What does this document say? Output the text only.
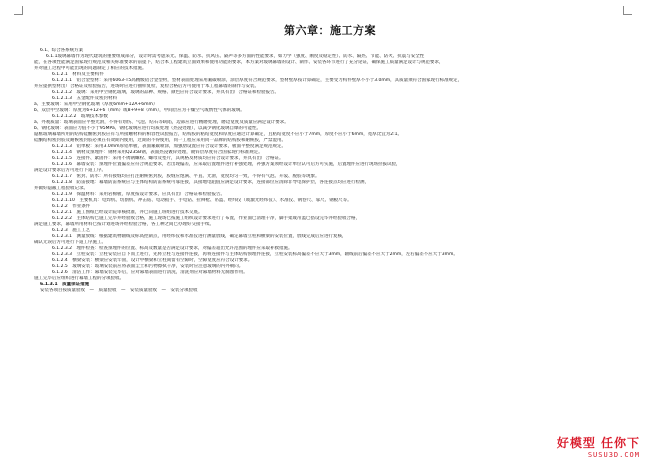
第六章：施工方案
6.1、综合各系统方案
6.1.1玻璃幕墙作为现代建筑的重要组成部分，设计时需考虑采光、保温、防水、抗风压、隔声等多方面的性能要求，如力学（强度、刚度及稳定性）、防水、隔热、节能、防火、抗震与安全性
能，在各项性能满足国家现行规范及相关标准要求的前提下，结合本工程建筑立面效果和使用功能的要求，本方案对玻璃幕墙的设计、制作、安装各环节进行了充分论证，确保施工质量满足设计与规范要求，
并对施工过程中可能出现的问题制定了相应的技术措施。
6.1.2.1　材料及主要构件
6.1.2.1.1　铝合金型材：采用6063-T5高精级铝合金型材，型材表面处理采用氟碳喷涂，涂层厚度符合规范要求，型材壁厚按计算确定，主要受力构件壁厚不小于3.0mm，其质量须符合国家现行标准规定，
并应提供型材出厂合格证及检验报告，进场时应进行抽样复检，复检合格后方可使用于本工程幕墙的制作与安装。
6.1.2.1.2　玻璃：采用中空钢化玻璃，玻璃的品种、规格、颜色应符合设计要求，并具有出厂合格证和检验报告。
6.1.2.1.3　五金配件及密封材料
a、主要玻璃：采用中空钢化玻璃（厚度6mm+12A+6mm）
b、双层中空玻璃：厚度为6+12+6（mm）或8+9+8（mm），中间层应为干燥空气或惰性气体的玻璃。
6.1.2.1.2.2　玻璃技术参数
a、外观质量：玻璃表面应平整光滑，不得有划伤、气泡、结石等缺陷，边部应进行精磨处理，磨边宽度及质量应满足设计要求。
b、钢化玻璃：表面应力值不小于95MPa，钢化玻璃应进行均质处理（热浸处理），以减少钢化玻璃自爆的可能性。
隐框玻璃幕墙所用的结构硅酮密封胶应有与所接触材料的相容性试验报告，结构胶的粘结宽度和厚度应通过计算确定，且粘结宽度不应小于7mm，厚度不应小于6mm，宽厚比宜为2:1。
硅酮结构密封胶及耐候密封胶必须在有效期内使用，过期的不得使用，同一工程应采用同一品牌的结构胶和耐候胶，严禁混用。
6.1.2.1.3　铝单板：采用3.0mm厚铝单板，表面氟碳喷涂，加强肋设置应符合设计要求，板面平整度满足规范规定。
6.1.2.1.4　钢材及预埋件：钢材采用Q235B钢，表面热浸镀锌处理，镀锌层厚度符合国家现行标准规定。
6.1.2.1.5　连接件、紧固件：采用不锈钢螺栓、螺母及垫片，其规格及材质均应符合设计要求，并具有出厂合格证。
6.1.2.1.6　幕墙安装：预埋件位置偏差应符合规范要求，若出现偏差，应采取后置埋件进行补强处理，补强方案须经设计单位认可后方可实施，后置埋件应进行现场拉拔试验，
满足设计要求后方可进行下道工序。
6.1.2.1.7　密封、防水：所有接缝均应打注耐候密封胶，胶缝应饱满、平直、光滑，宽度均匀一致，不得有气泡、开裂、脱胶等现象。
6.1.2.1.8　防雷接地：幕墙防雷系统应与主体结构防雷系统可靠连接，其接地电阻值应满足设计要求，连接部位应清除非导电保护层，各连接点均应进行检测，
并做好隐蔽工程验收记录。
6.1.2.1.9　保温材料：采用岩棉板，厚度按设计要求，应具有出厂合格证和检验报告。
6.1.2.1.10　主要机具：电焊机、切割机、冲击钻、电动扳手、手电钻、拉铆枪、吊篮、经纬仪（或激光经纬仪）、水准仪、钢卷尺、靠尺、钢板尺等。
6.1.2.2　作业条件
6.1.2.2.1　施工图纸已经设计院审核批准，并已向施工班组进行技术交底。
6.1.2.2.2　主体结构已施工完毕并经验收合格，施工现场已按施工组织设计要求进行了布置，作业面已清理干净，脚手架或吊篮已搭设完毕并经验收合格，
满足施工要求，幕墙所用材料已按计划进场并经检验合格，各工种之间已办理好交接手续。
6.1.2.3　施工工艺
6.1.2.3.1　测量放线：根据建筑物轴线及标高控制点，用经纬仪和水准仪进行测量放线，确定幕墙立柱和横梁的安装位置，放线完成后应进行复核，
确认无误后方可进行下道工序施工。
6.1.2.3.2　埋件检查：检查预埋件的位置、标高及数量是否满足设计要求，对偏差超出允许范围的埋件应采取补救措施。
6.1.2.3.3　立柱安装：立柱安装应自下而上进行，先将立柱与连接件连接，再将连接件与主体结构预埋件连接，立柱安装标高偏差不应大于3mm，轴线前后偏差不应大于2mm，左右偏差不应大于3mm。
6.1.2.4　横梁安装：横梁应安装牢固，设计中横梁和立柱间留有空隙时，空隙宽度应符合设计要求。
6.1.2.5　玻璃安装：玻璃安装前应将表面尘土和污物擦拭干净，安装时应注意玻璃的内外朝向。
6.1.2.6　清洁工作：幕墙安装完毕后，应对幕墙表面进行清洗，清洗剂应对幕墙材料无腐蚀作用。
施工完毕后应组织进行幕墙工程的分项验收。
6.1.3.1　质量保证措施
安装各项目按质量验收　—　质量验收　—　安装质量验收　—　安装分项验收
好模型 任你下
SUSU3D.COM
